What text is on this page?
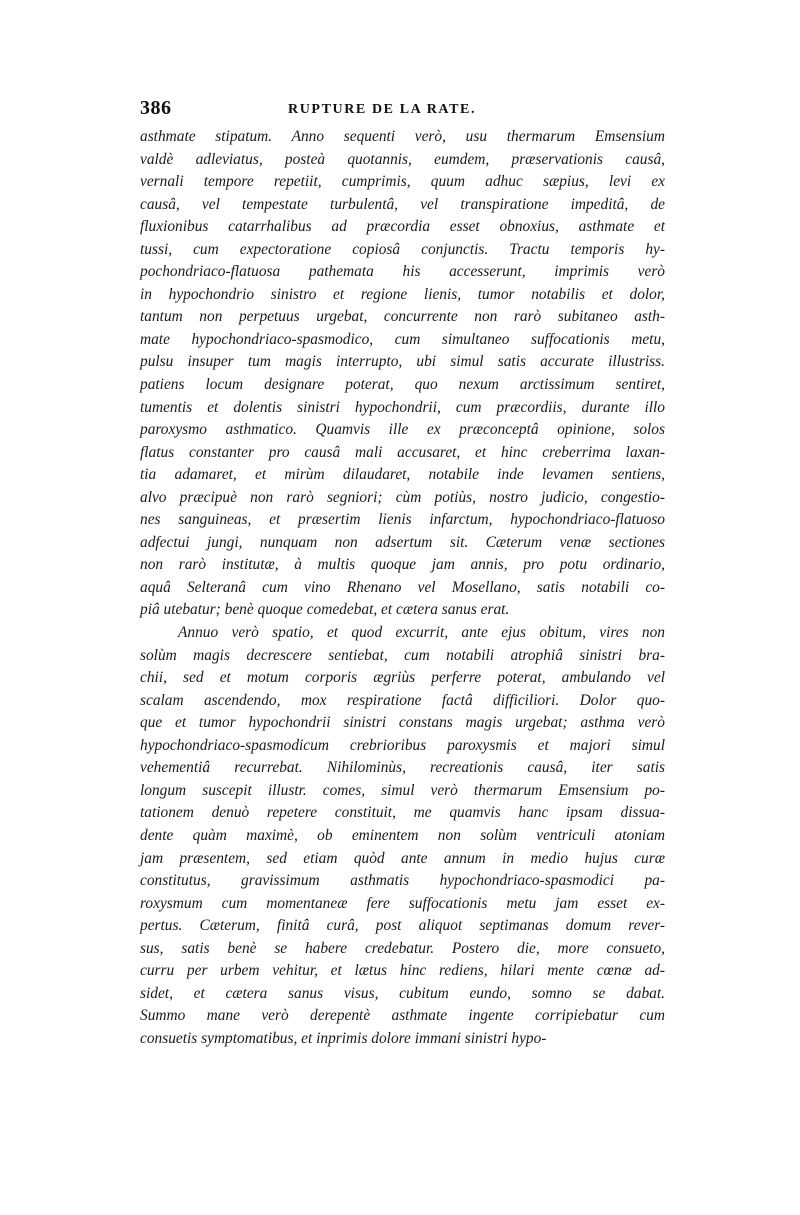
386	RUPTURE DE LA RATE.
asthmate stipatum. Anno sequenti verò, usu thermarum Emsensium
valdè adleviatus, posteà quotannis, eumdem, præservationis causâ,
vernali tempore repetiit, cumprimis, quum adhuc sæpius, levi ex
causâ, vel tempestate turbulentâ, vel transpiratione impeditâ, de
fluxionibus catarrhalibus ad præcordia esset obnoxius, asthmate et
tussi, cum expectoratione copiosâ conjunctis. Tractu temporis hy-
pochondriaco-flatuosa pathemata his accesserunt, imprimis verò
in hypochondrio sinistro et regione lienis, tumor notabilis et dolor,
tantum non perpetuus urgebat, concurrente non rarò subitaneo asth-
mate hypochondriaco-spasmodico, cum simultaneo suffocationis metu,
pulsu insuper tum magis interrupto, ubi simul satis accurate illustriss.
patiens locum designare poterat, quo nexum arctissimum sentiret,
tumentis et dolentis sinistri hypochondrii, cum præcordiis, durante illo
paroxysmo asthmatico. Quamvis ille ex præconceptâ opinione, solos
flatus constanter pro causâ mali accusaret, et hinc creberrima laxan-
tia adamaret, et mirùm dilaudaret, notabile inde levamen sentiens,
alvo præcipuè non rarò segniori; cùm potiùs, nostro judicio, congestio-
nes sanguineas, et præsertim lienis infarctum, hypochondriaco-flatuoso
adfectui jungi, nunquam non adsertum sit. Cæterum venæ sectiones
non rarò institutæ, à multis quoque jam annis, pro potu ordinario,
aquâ Selteranâ cum vino Rhenano vel Mosellano, satis notabili co-
piâ utebatur; benè quoque comedebat, et cætera sanus erat.
Annuo verò spatio, et quod excurrit, ante ejus obitum, vires non
solùm magis decrescere sentiebat, cum notabili atrophiâ sinistri bra-
chii, sed et motum corporis ægriùs perferre poterat, ambulando vel
scalam ascendendo, mox respiratione factâ difficiliori. Dolor quo-
que et tumor hypochondrii sinistri constans magis urgebat; asthma verò
hypochondriaco-spasmodicum crebrioribus paroxysmis et majori simul
vehementiâ recurrebat. Nihilominùs, recreationis causâ, iter satis
longum suscepit illustr. comes, simul verò thermarum Emsensium po-
tationem denuò repetere constituit, me quamvis hanc ipsam dissua-
dente quàm maximè, ob eminentem non solùm ventriculi atoniam
jam præsentem, sed etiam quòd ante annum in medio hujus curæ
constitutus, gravissimum asthmatis hypochondriaco-spasmodici pa-
roxysmum cum momentaneæ fere suffocationis metu jam esset ex-
pertus. Cæterum, finitâ curâ, post aliquot septimanas domum rever-
sus, satis benè se habere credebatur. Postero die, more consueto,
curru per urbem vehitur, et lætus hinc rediens, hilari mente cœnæ ad-
sidet, et cætera sanus visus, cubitum eundo, somno se dabat.
Summo mane verò derepentè asthmate ingente corripiebatur cum
consuetis symptomatibus, et inprimis dolore immani sinistri hypo-
